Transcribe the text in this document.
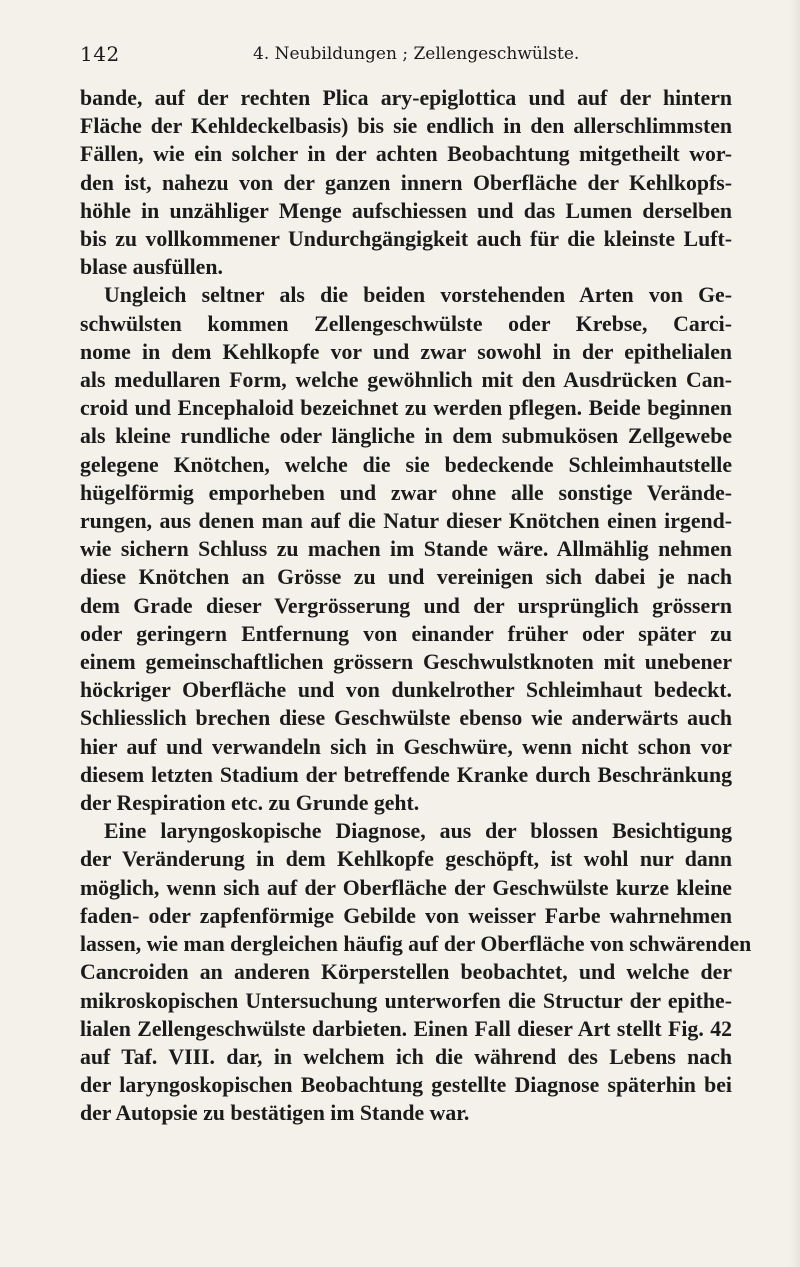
142	4. Neubildungen ; Zellengeschwülste.
bande, auf der rechten Plica ary-epiglottica und auf der hintern
Fläche der Kehldeckelbasis) bis sie endlich in den allerschlimmsten
Fällen, wie ein solcher in der achten Beobachtung mitgetheilt wor-
den ist, nahezu von der ganzen innern Oberfläche der Kehlkopfs-
höhle in unzähliger Menge aufschiessen und das Lumen derselben
bis zu vollkommener Undurchgängigkeit auch für die kleinste Luft-
blase ausfüllen.
Ungleich seltner als die beiden vorstehenden Arten von Ge-
schwülsten kommen Zellengeschwülste oder Krebse, Carci-
nome in dem Kehlkopfe vor und zwar sowohl in der epithelialen
als medullaren Form, welche gewöhnlich mit den Ausdrücken Can-
croid und Encephaloid bezeichnet zu werden pflegen. Beide beginnen
als kleine rundliche oder längliche in dem submukösen Zellgewebe
gelegene Knötchen, welche die sie bedeckende Schleimhautstelle
hügelförmig emporheben und zwar ohne alle sonstige Verände-
rungen, aus denen man auf die Natur dieser Knötchen einen irgend-
wie sichern Schluss zu machen im Stande wäre. Allmählig nehmen
diese Knötchen an Grösse zu und vereinigen sich dabei je nach
dem Grade dieser Vergrösserung und der ursprünglich grössern
oder geringern Entfernung von einander früher oder später zu
einem gemeinschaftlichen grössern Geschwulstknoten mit unebener
höckriger Oberfläche und von dunkelrother Schleimhaut bedeckt.
Schliesslich brechen diese Geschwülste ebenso wie anderwärts auch
hier auf und verwandeln sich in Geschwüre, wenn nicht schon vor
diesem letzten Stadium der betreffende Kranke durch Beschränkung
der Respiration etc. zu Grunde geht.
Eine laryngoskopische Diagnose, aus der blossen Besichtigung
der Veränderung in dem Kehlkopfe geschöpft, ist wohl nur dann
möglich, wenn sich auf der Oberfläche der Geschwülste kurze kleine
faden- oder zapfenförmige Gebilde von weisser Farbe wahrnehmen
lassen, wie man dergleichen häufig auf der Oberfläche von schwärenden
Cancroiden an anderen Körperstellen beobachtet, und welche der
mikroskopischen Untersuchung unterworfen die Structur der epithe-
lialen Zellengeschwülste darbieten. Einen Fall dieser Art stellt Fig. 42
auf Taf. VIII. dar, in welchem ich die während des Lebens nach
der laryngoskopischen Beobachtung gestellte Diagnose späterhin bei
der Autopsie zu bestätigen im Stande war.
